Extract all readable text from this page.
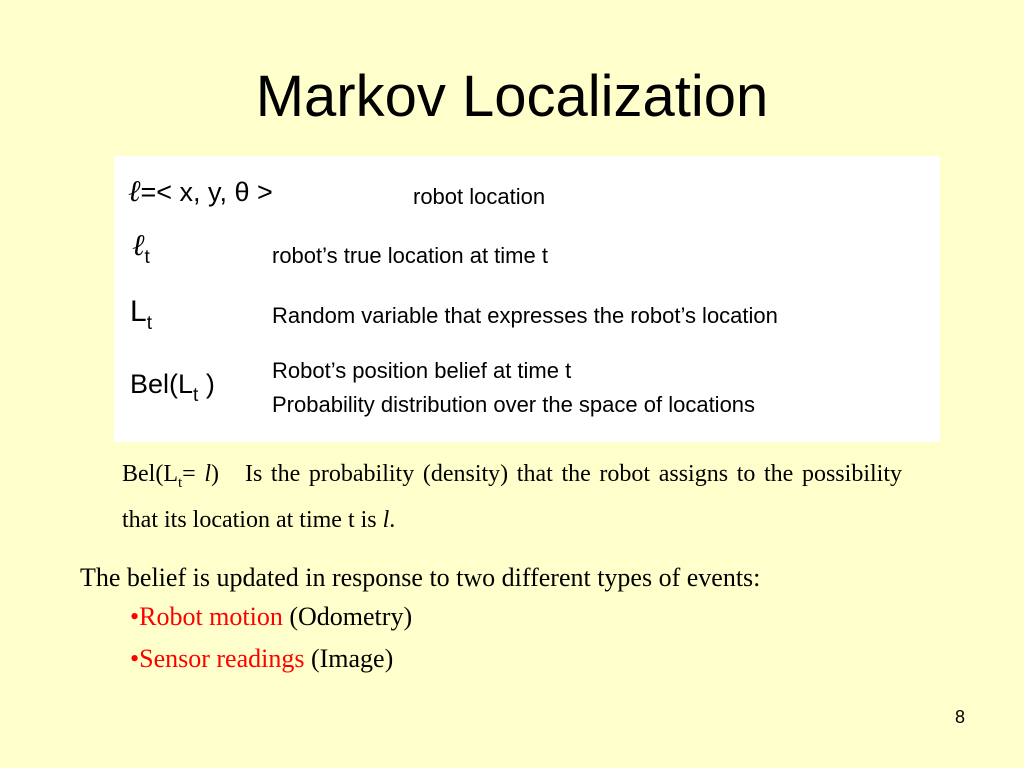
Markov Localization
ℓ=< x, y, θ >	robot location
ℓ$_t$	robot’s true location at time t
$L_t$	Random variable that expresses the robot’s location
$Bel(L_t$ )	Robot’s position belief at time t
Probability distribution over the space of locations
$Bel(L_t= l)$ Is the probability (density) that the robot assigns to the possibility that its location at time t is l.
The belief is updated in response to two different types of events:
•Robot motion (Odometry)
•Sensor readings (Image)
8
